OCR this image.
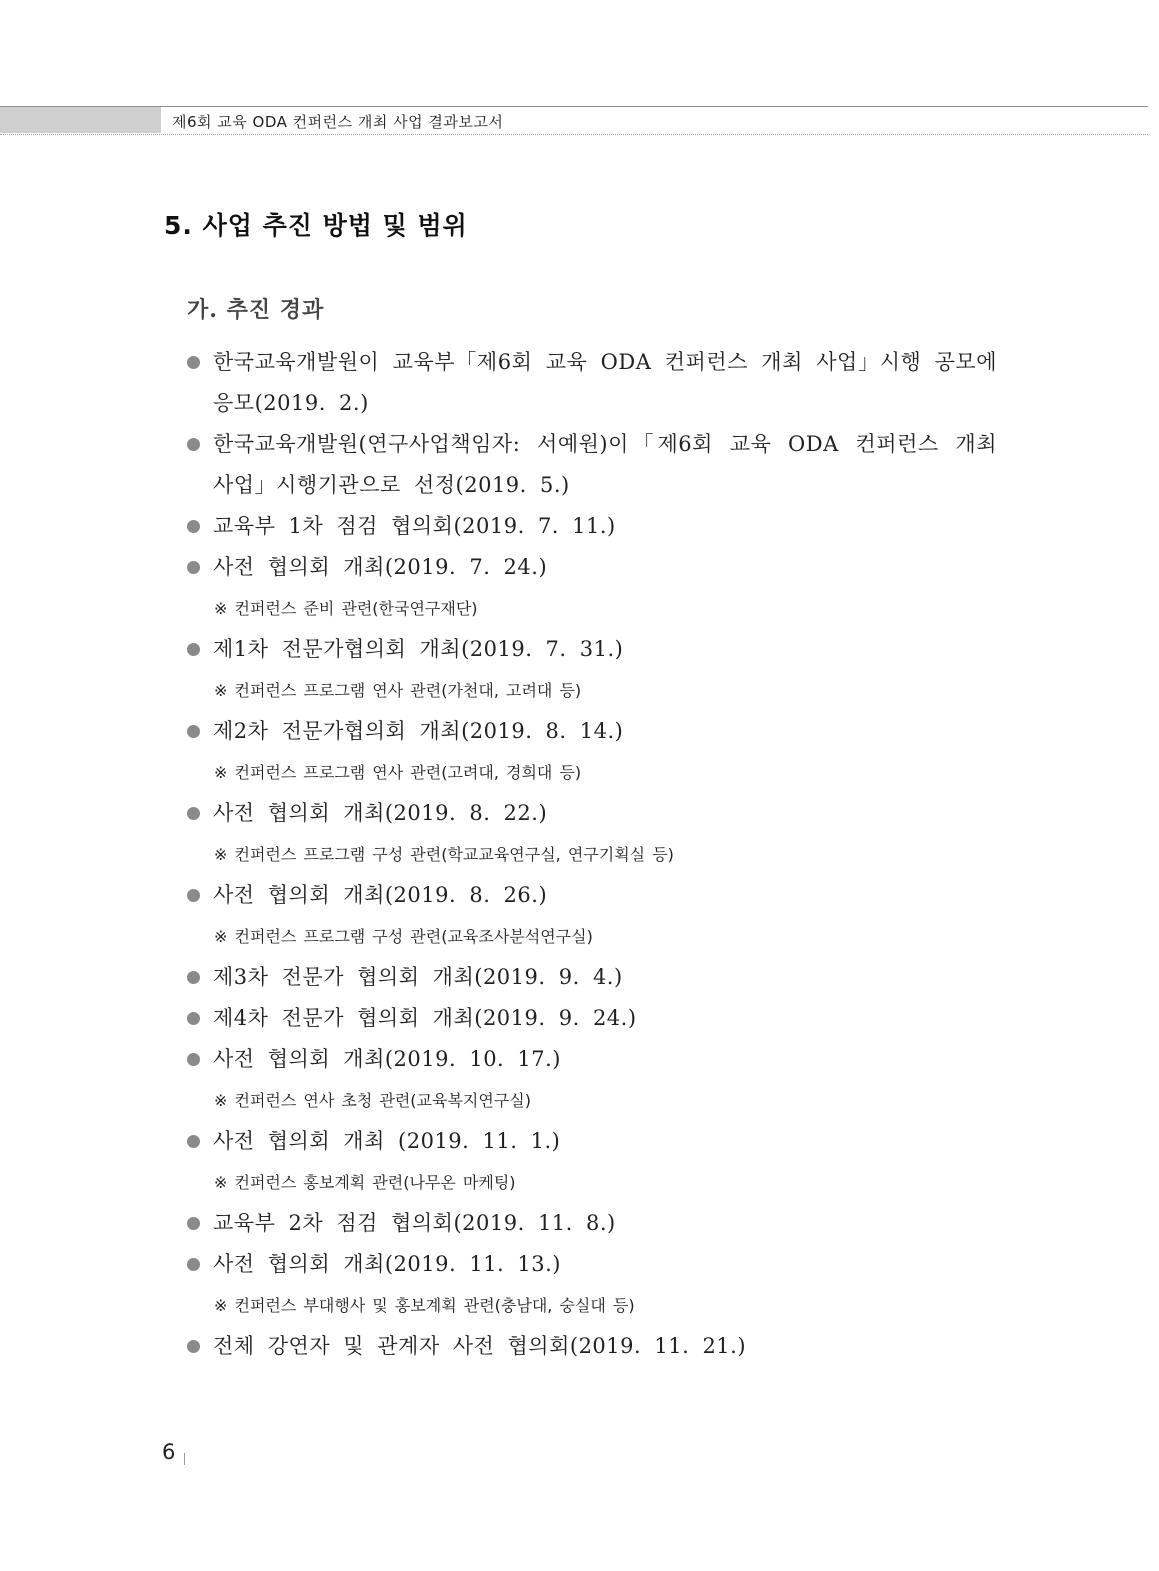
제6회 교육 ODA 컨퍼런스 개최 사업 결과보고서
5. 사업 추진 방법 및 범위
가. 추진 경과
한국교육개발원이 교육부「제6회 교육 ODA 컨퍼런스 개최 사업」시행 공모에 응모(2019. 2.)
한국교육개발원(연구사업책임자: 서예원)이「제6회 교육 ODA 컨퍼런스 개최 사업」시행기관으로 선정(2019. 5.)
교육부 1차 점검 협의회(2019. 7. 11.)
사전 협의회 개최(2019. 7. 24.)
※ 컨퍼런스 준비 관련(한국연구재단)
제1차 전문가협의회 개최(2019. 7. 31.)
※ 컨퍼런스 프로그램 연사 관련(가천대, 고려대 등)
제2차 전문가협의회 개최(2019. 8. 14.)
※ 컨퍼런스 프로그램 연사 관련(고려대, 경희대 등)
사전 협의회 개최(2019. 8. 22.)
※ 컨퍼런스 프로그램 구성 관련(학교교육연구실, 연구기획실 등)
사전 협의회 개최(2019. 8. 26.)
※ 컨퍼런스 프로그램 구성 관련(교육조사분석연구실)
제3차 전문가 협의회 개최(2019. 9. 4.)
제4차 전문가 협의회 개최(2019. 9. 24.)
사전 협의회 개최(2019. 10. 17.)
※ 컨퍼런스 연사 초청 관련(교육복지연구실)
사전 협의회 개최 (2019. 11. 1.)
※ 컨퍼런스 홍보계획 관련(나무온 마케팅)
교육부 2차 점검 협의회(2019. 11. 8.)
사전 협의회 개최(2019. 11. 13.)
※ 컨퍼런스 부대행사 및 홍보계획 관련(충남대, 숭실대 등)
전체 강연자 및 관계자 사전 협의회(2019. 11. 21.)
6
